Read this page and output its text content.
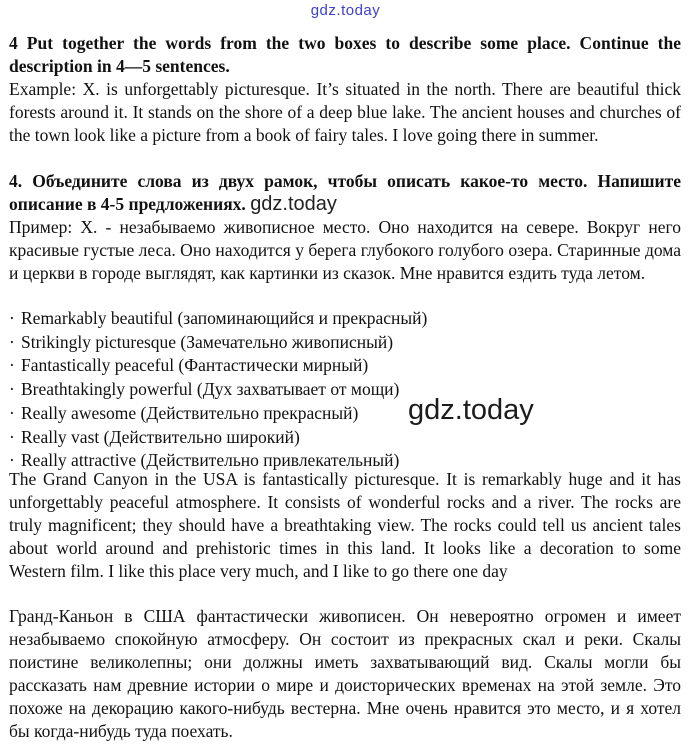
gdz.today
4 Put together the words from the two boxes to describe some place. Continue the description in 4—5 sentences.
Example: X. is unforgettably picturesque. It’s situated in the north. There are beautiful thick forests around it. It stands on the shore of a deep blue lake. The ancient houses and churches of the town look like a picture from a book of fairy tales. I love going there in summer.
4. Объедините слова из двух рамок, чтобы описать какое-то место. Напишите описание в 4-5 предложениях. gdz.today
Пример: X. - незабываемо живописное место. Оно находится на севере. Вокруг него красивые густые леса. Оно находится у берега глубокого голубого озера. Старинные дома и церкви в городе выглядят, как картинки из сказок. Мне нравится ездить туда летом.
· Remarkably beautiful (запоминающийся и прекрасный)
· Strikingly picturesque (Замечательно живописный)
· Fantastically peaceful (Фантастически мирный)
· Breathtakingly powerful (Дух захватывает от мощи)
· Really awesome (Действительно прекрасный)
· Really vast (Действительно широкий)
· Really attractive (Действительно привлекательный)
The Grand Canyon in the USA is fantastically picturesque. It is remarkably huge and it has unforgettably peaceful atmosphere. It consists of wonderful rocks and a river. The rocks are truly magnificent; they should have a breathtaking view. The rocks could tell us ancient tales about world around and prehistoric times in this land. It looks like a decoration to some Western film. I like this place very much, and I like to go there one day
Гранд-Каньон в США фантастически живописен. Он невероятно огромен и имеет незабываемо спокойную атмосферу. Он состоит из прекрасных скал и реки. Скалы поистине великолепны; они должны иметь захватывающий вид. Скалы могли бы рассказать нам древние истории о мире и доисторических временах на этой земле. Это похоже на декорацию какого-нибудь вестерна. Мне очень нравится это место, и я хотел бы когда-нибудь туда поехать.
gdz.today
